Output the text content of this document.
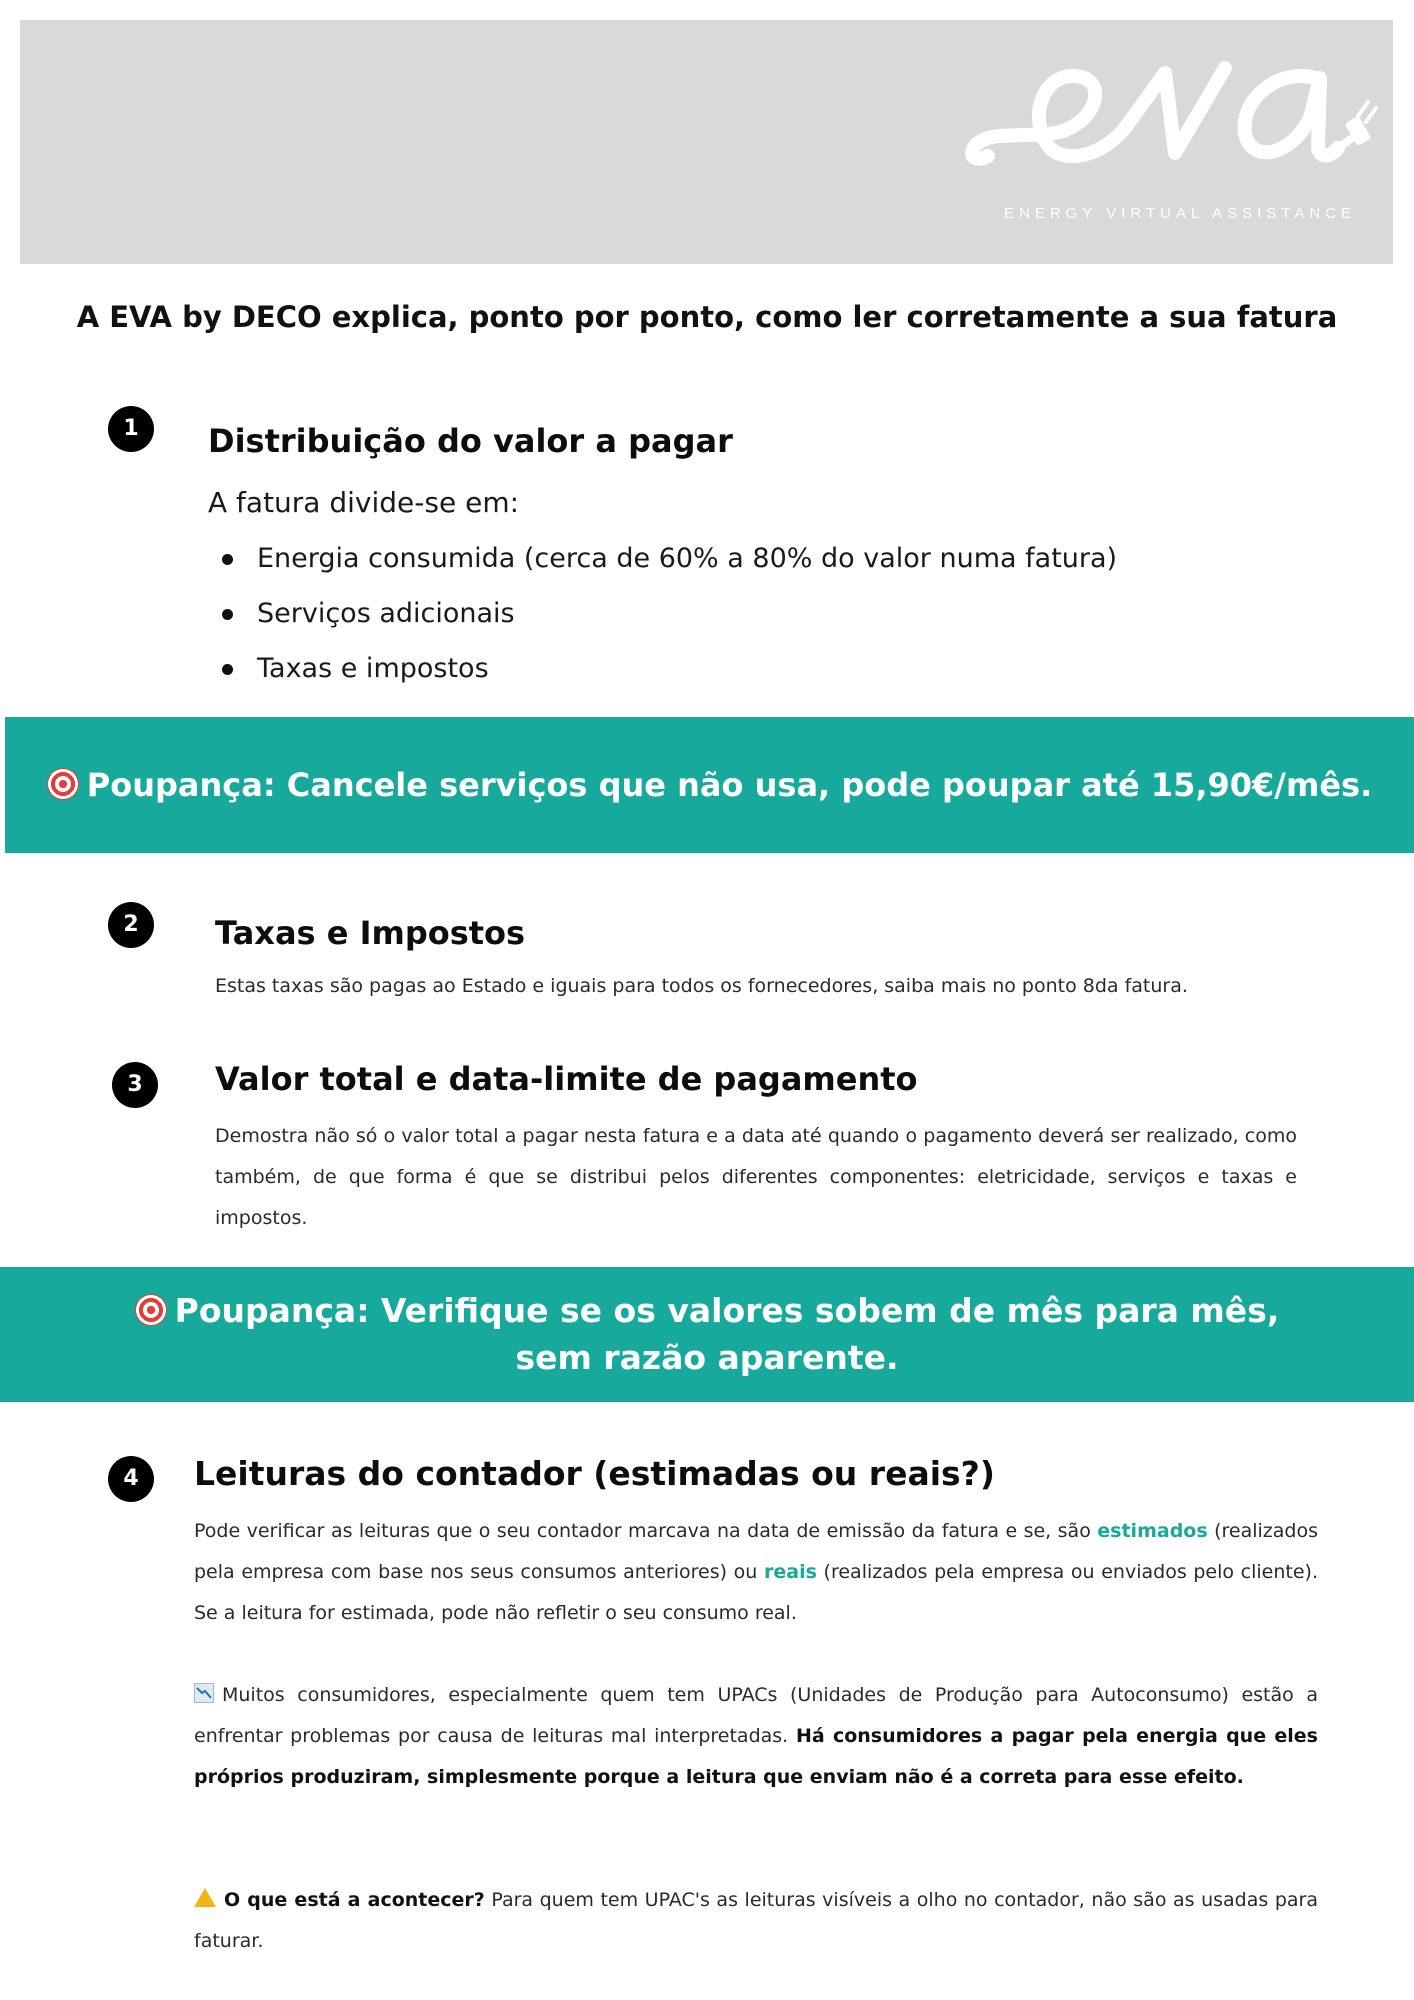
ENERGY VIRTUAL ASSISTANCE
A EVA by DECO explica, ponto por ponto, como ler corretamente a sua fatura
1	Distribuição do valor a pagar
A fatura divide-se em:
Energia consumida (cerca de 60% a 80% do valor numa fatura)
Serviços adicionais
Taxas e impostos
Poupança: Cancele serviços que não usa, pode poupar até 15,90€/mês.
2	Taxas e Impostos
Estas taxas são pagas ao Estado e iguais para todos os fornecedores, saiba mais no ponto 8da fatura.
3	Valor total e data-limite de pagamento
Demostra não só o valor total a pagar nesta fatura e a data até quando o pagamento deverá ser realizado, como também, de que forma é que se distribui pelos diferentes componentes: eletricidade, serviços e taxas e impostos.
Poupança: Verifique se os valores sobem de mês para mês,
sem razão aparente.
4	Leituras do contador (estimadas ou reais?)
Pode verificar as leituras que o seu contador marcava na data de emissão da fatura e se, são estimados (realizados pela empresa com base nos seus consumos anteriores) ou reais (realizados pela empresa ou enviados pelo cliente). Se a leitura for estimada, pode não refletir o seu consumo real.
Muitos consumidores, especialmente quem tem UPACs (Unidades de Produção para Autoconsumo) estão a enfrentar problemas por causa de leituras mal interpretadas. Há consumidores a pagar pela energia que eles próprios produziram, simplesmente porque a leitura que enviam não é a correta para esse efeito.
O que está a acontecer? Para quem tem UPAC's as leituras visíveis a olho no contador, não são as usadas para faturar.
